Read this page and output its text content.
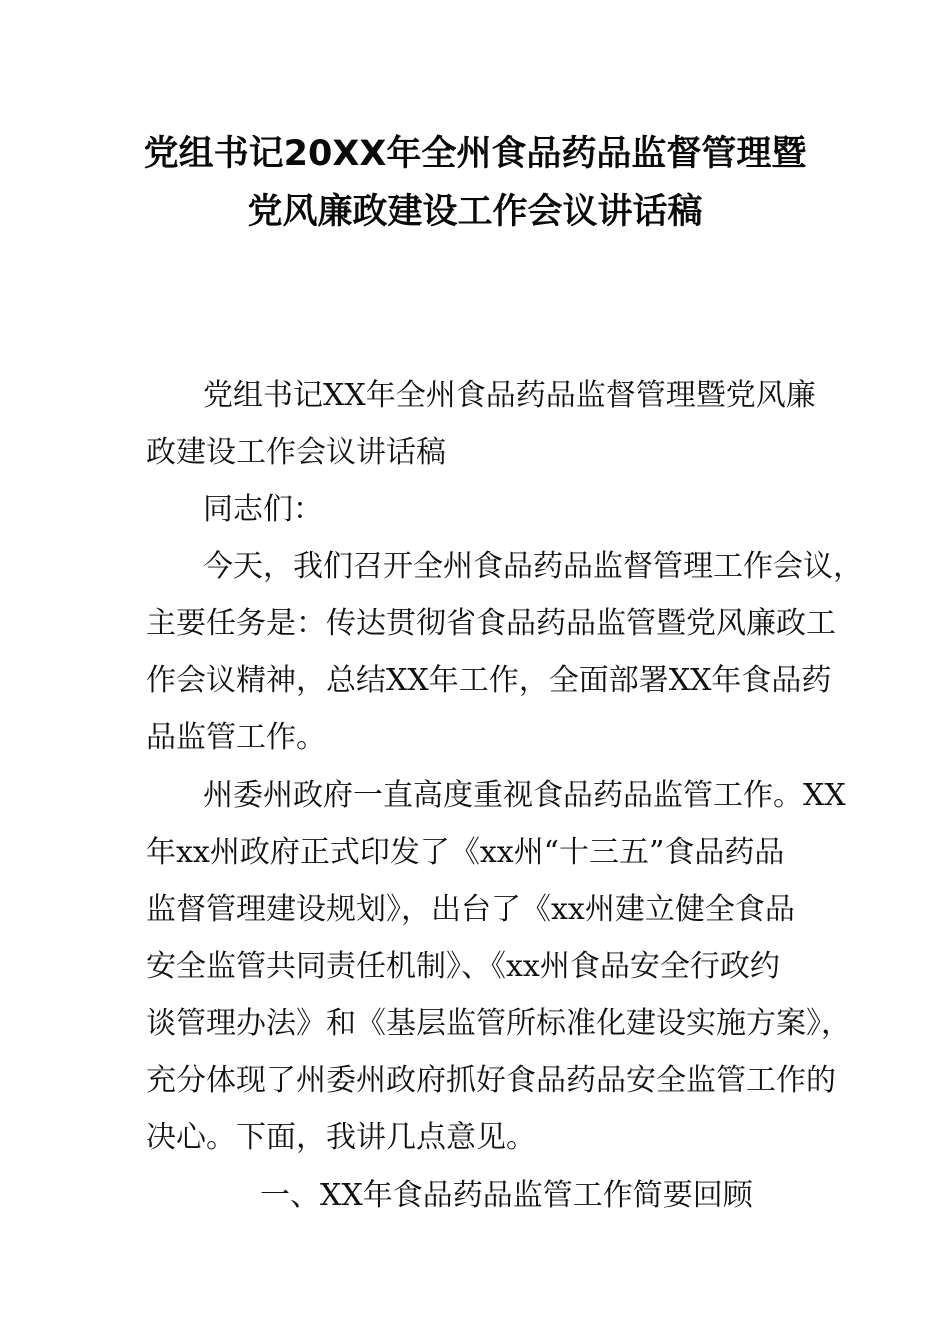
党组书记20XX年全州食品药品监督管理暨
党风廉政建设工作会议讲话稿
党组书记XX年全州食品药品监督管理暨党风廉
政建设工作会议讲话稿
同志们：
今天，我们召开全州食品药品监督管理工作会议，
主要任务是：传达贯彻省食品药品监管暨党风廉政工
作会议精神，总结XX年工作，全面部署XX年食品药
品监管工作。
州委州政府一直高度重视食品药品监管工作。XX
年xx州政府正式印发了《xx州“十三五”食品药品
监督管理建设规划》，出台了《xx州建立健全食品
安全监管共同责任机制》、《xx州食品安全行政约
谈管理办法》和《基层监管所标准化建设实施方案》，
充分体现了州委州政府抓好食品药品安全监管工作的
决心。下面，我讲几点意见。
一、XX年食品药品监管工作简要回顾
